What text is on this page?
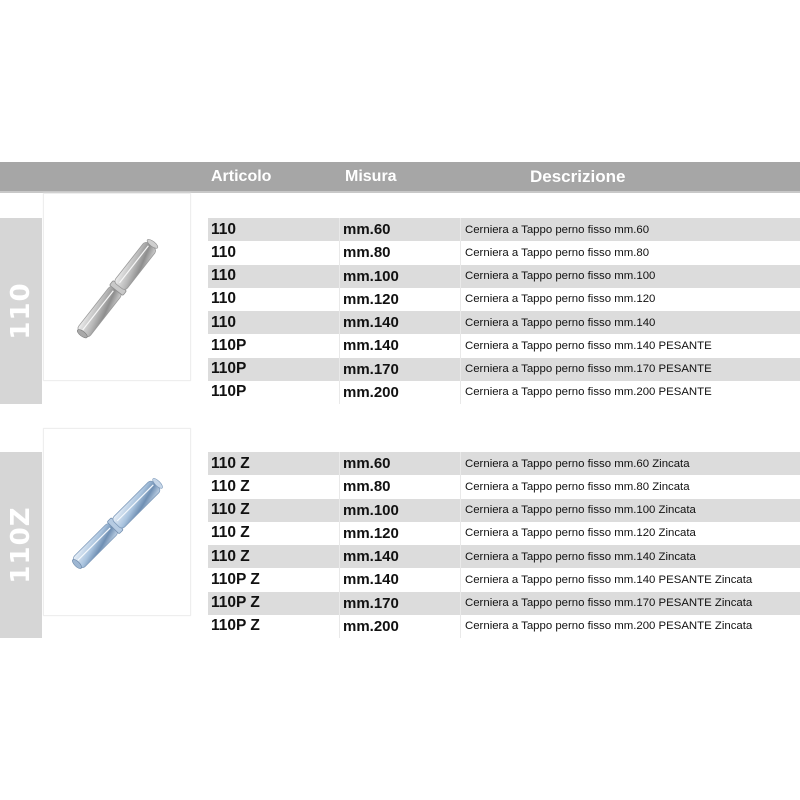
Articolo	Misura	Descrizione
110
110	mm.60	Cerniera a Tappo perno fisso mm.60
110	mm.80	Cerniera a Tappo perno fisso mm.80
110	mm.100	Cerniera a Tappo perno fisso mm.100
110	mm.120	Cerniera a Tappo perno fisso mm.120
110	mm.140	Cerniera a Tappo perno fisso mm.140
110P	mm.140	Cerniera a Tappo perno fisso mm.140 PESANTE
110P	mm.170	Cerniera a Tappo perno fisso mm.170 PESANTE
110P	mm.200	Cerniera a Tappo perno fisso mm.200 PESANTE
110Z
110 Z	mm.60	Cerniera a Tappo perno fisso mm.60 Zincata
110 Z	mm.80	Cerniera a Tappo perno fisso mm.80 Zincata
110 Z	mm.100	Cerniera a Tappo perno fisso mm.100 Zincata
110 Z	mm.120	Cerniera a Tappo perno fisso mm.120 Zincata
110 Z	mm.140	Cerniera a Tappo perno fisso mm.140 Zincata
110P Z	mm.140	Cerniera a Tappo perno fisso mm.140 PESANTE Zincata
110P Z	mm.170	Cerniera a Tappo perno fisso mm.170 PESANTE Zincata
110P Z	mm.200	Cerniera a Tappo perno fisso mm.200 PESANTE Zincata
